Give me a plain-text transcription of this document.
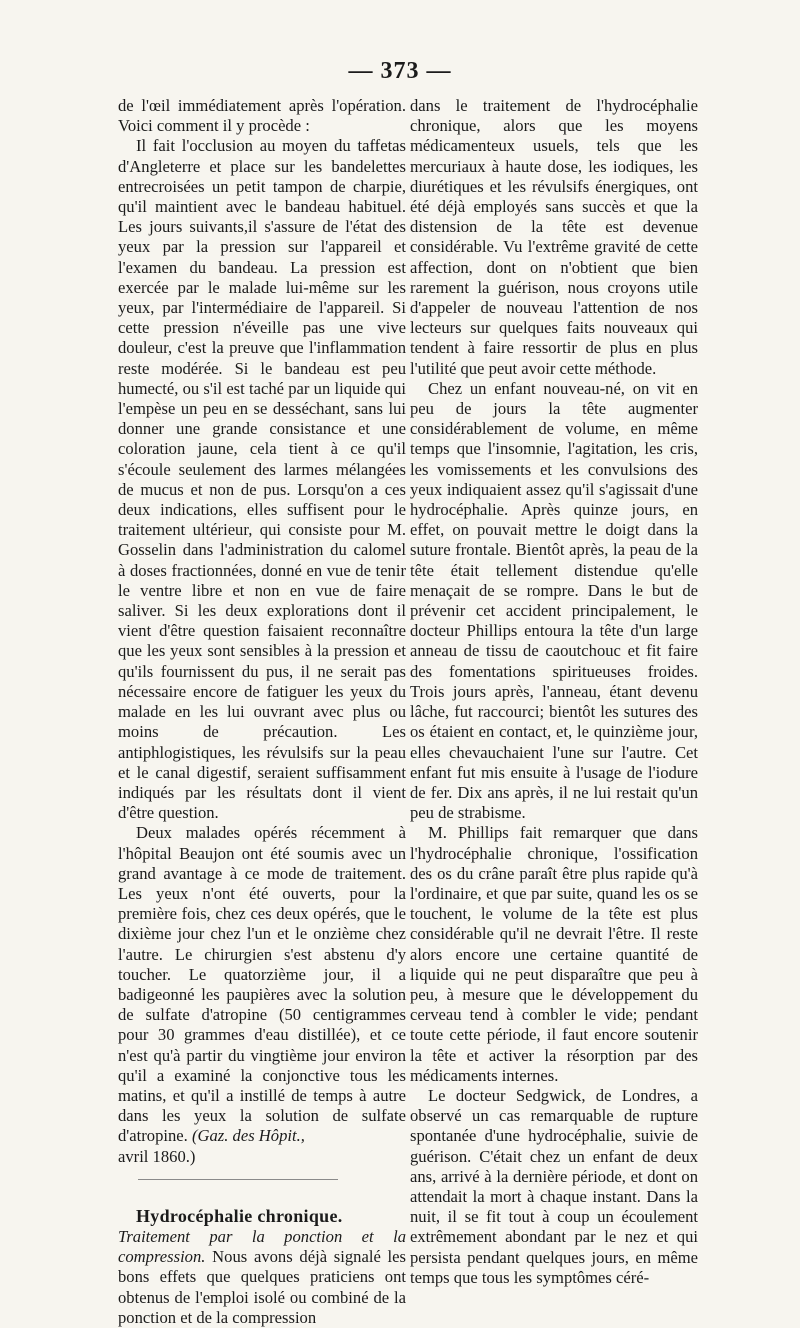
— 373 —

de l'œil immédiatement après l'opération. Voici comment il y procède :

Il fait l'occlusion au moyen du taffetas d'Angleterre et place sur les bandelettes entrecroisées un petit tampon de charpie, qu'il maintient avec le bandeau habituel. Les jours suivants,il s'assure de l'état des yeux par la pression sur l'appareil et l'examen du bandeau. La pression est exercée par le malade lui-même sur les yeux, par l'intermédiaire de l'appareil. Si cette pression n'éveille pas une vive douleur, c'est la preuve que l'inflammation reste modérée. Si le bandeau est peu humecté, ou s'il est taché par un liquide qui l'empèse un peu en se desséchant, sans lui donner une grande consistance et une coloration jaune, cela tient à ce qu'il s'écoule seulement des larmes mélangées de mucus et non de pus. Lorsqu'on a ces deux indications, elles suffisent pour le traitement ultérieur, qui consiste pour M. Gosselin dans l'administration du calomel à doses fractionnées, donné en vue de tenir le ventre libre et non en vue de faire saliver. Si les deux explorations dont il vient d'être question faisaient reconnaître que les yeux sont sensibles à la pression et qu'ils fournissent du pus, il ne serait pas nécessaire encore de fatiguer les yeux du malade en les lui ouvrant avec plus ou moins de précaution. Les antiphlogistiques, les révulsifs sur la peau et le canal digestif, seraient suffisamment indiqués par les résultats dont il vient d'être question.

Deux malades opérés récemment à l'hôpital Beaujon ont été soumis avec un grand avantage à ce mode de traitement. Les yeux n'ont été ouverts, pour la première fois, chez ces deux opérés, que le dixième jour chez l'un et le onzième chez l'autre. Le chirurgien s'est abstenu d'y toucher. Le quatorzième jour, il a badigeonné les paupières avec la solution de sulfate d'atropine (50 centigrammes pour 30 grammes d'eau distillée), et ce n'est qu'à partir du vingtième jour environ qu'il a examiné la conjonctive tous les matins, et qu'il a instillé de temps à autre dans les yeux la solution de sulfate d'atropine. (Gaz. des Hôpit.,
avril 1860.)

Hydrocéphalie chronique.
Traitement par la ponction et la compression. Nous avons déjà signalé les bons effets que quelques praticiens ont obtenus de l'emploi isolé ou combiné de la ponction et de la compression

dans le traitement de l'hydrocéphalie chronique, alors que les moyens médicamenteux usuels, tels que les mercuriaux à haute dose, les iodiques, les diurétiques et les révulsifs énergiques, ont été déjà employés sans succès et que la distension de la tête est devenue considérable. Vu l'extrême gravité de cette affection, dont on n'obtient que bien rarement la guérison, nous croyons utile d'appeler de nouveau l'attention de nos lecteurs sur quelques faits nouveaux qui tendent à faire ressortir de plus en plus l'utilité que peut avoir cette méthode.

Chez un enfant nouveau-né, on vit en peu de jours la tête augmenter considérablement de volume, en même temps que l'insomnie, l'agitation, les cris, les vomissements et les convulsions des yeux indiquaient assez qu'il s'agissait d'une hydrocéphalie. Après quinze jours, en effet, on pouvait mettre le doigt dans la suture frontale. Bientôt après, la peau de la tête était tellement distendue qu'elle menaçait de se rompre. Dans le but de prévenir cet accident principalement, le docteur Phillips entoura la tête d'un large anneau de tissu de caoutchouc et fit faire des fomentations spiritueuses froides. Trois jours après, l'anneau, étant devenu lâche, fut raccourci; bientôt les sutures des os étaient en contact, et, le quinzième jour, elles chevauchaient l'une sur l'autre. Cet enfant fut mis ensuite à l'usage de l'iodure de fer. Dix ans après, il ne lui restait qu'un peu de strabisme.

M. Phillips fait remarquer que dans l'hydrocéphalie chronique, l'ossification des os du crâne paraît être plus rapide qu'à l'ordinaire, et que par suite, quand les os se touchent, le volume de la tête est plus considérable qu'il ne devrait l'être. Il reste alors encore une certaine quantité de liquide qui ne peut disparaître que peu à peu, à mesure que le développement du cerveau tend à combler le vide; pendant toute cette période, il faut encore soutenir la tête et activer la résorption par des médicaments internes.

Le docteur Sedgwick, de Londres, a observé un cas remarquable de rupture spontanée d'une hydrocéphalie, suivie de guérison. C'était chez un enfant de deux ans, arrivé à la dernière période, et dont on attendait la mort à chaque instant. Dans la nuit, il se fit tout à coup un écoulement extrêmement abondant par le nez et qui persista pendant quelques jours, en même temps que tous les symptômes céré-
